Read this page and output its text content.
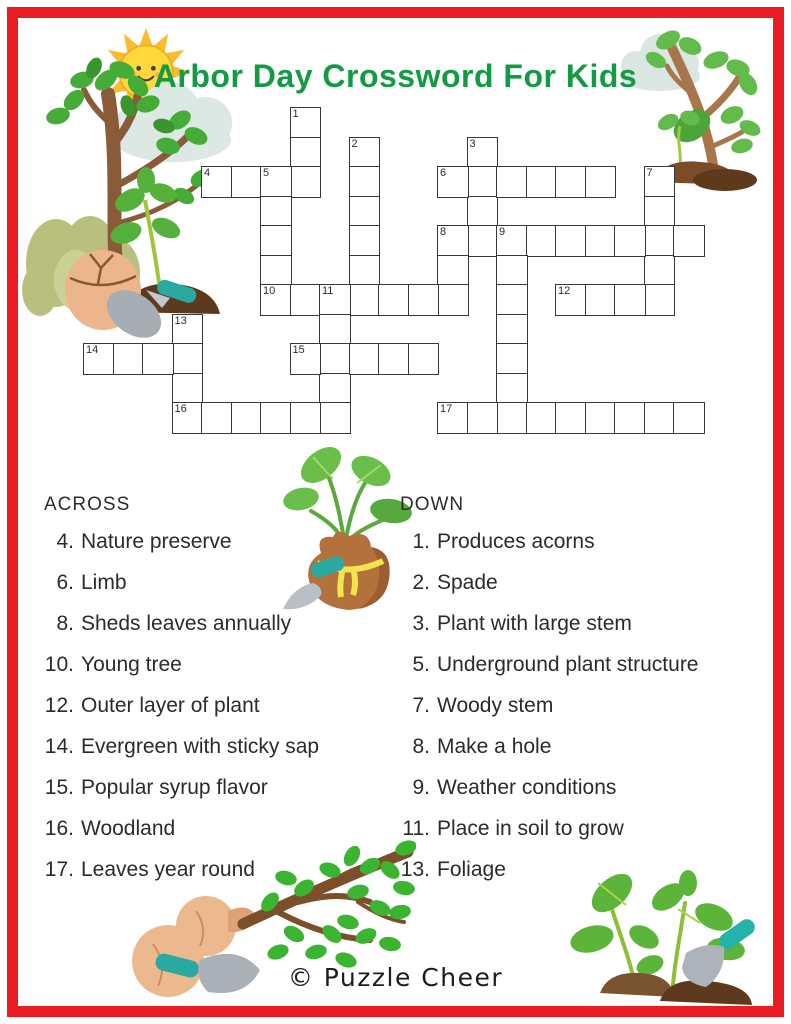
Arbor Day Crossword For Kids
1
2	3
4	5
10
6	7
8	9
11	12
13
16
14	15
17
ACROSS
4. Nature preserve
6. Limb
8. Sheds leaves annually
10. Young tree
12. Outer layer of plant
14. Evergreen with sticky sap
15. Popular syrup flavor
16. Woodland
17. Leaves year round
DOWN
1. Produces acorns
2. Spade
3. Plant with large stem
5. Underground plant structure
7. Woody stem
8. Make a hole
9. Weather conditions
11. Place in soil to grow
13. Foliage
© Puzzle Cheer
